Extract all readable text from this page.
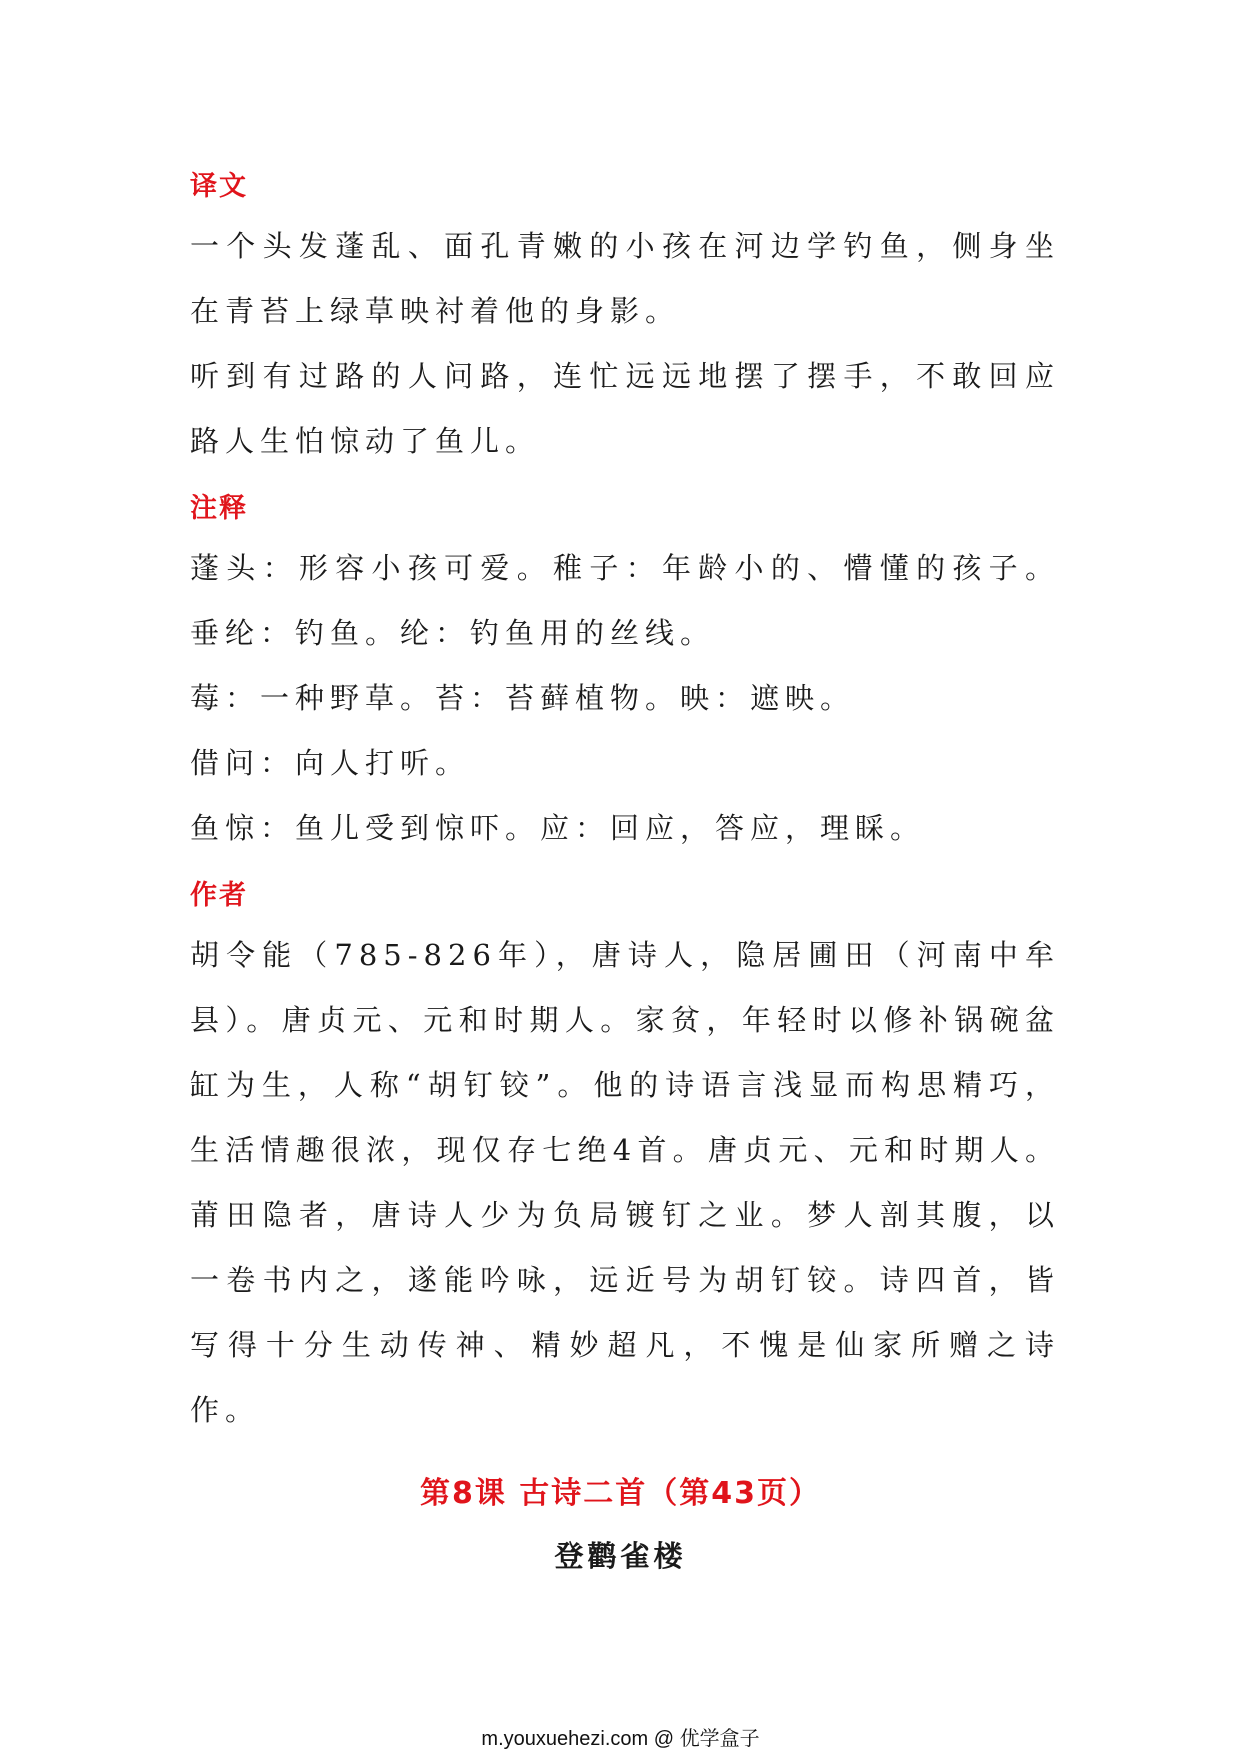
译文

一个头发蓬乱、面孔青嫩的小孩在河边学钓鱼，侧身坐在青苔上绿草映衬着他的身影。

听到有过路的人问路，连忙远远地摆了摆手，不敢回应路人生怕惊动了鱼儿。

注释

蓬头：形容小孩可爱。稚子：年龄小的、懵懂的孩子。垂纶：钓鱼。纶：钓鱼用的丝线。

莓：一种野草。苔：苔藓植物。映：遮映。

借问：向人打听。

鱼惊：鱼儿受到惊吓。应：回应，答应，理睬。

作者

胡令能（785-826年），唐诗人，隐居圃田（河南中牟县）。唐贞元、元和时期人。家贫，年轻时以修补锅碗盆缸为生，人称“胡钉铰”。他的诗语言浅显而构思精巧，生活情趣很浓，现仅存七绝4首。唐贞元、元和时期人。莆田隐者，唐诗人少为负局镀钉之业。梦人剖其腹，以一卷书内之，遂能吟咏，远近号为胡钉铰。诗四首，皆写得十分生动传神、精妙超凡，不愧是仙家所赠之诗作。

第8课 古诗二首（第43页）
登鹳雀楼
m.youxuehezi.com @ 优学盒子
